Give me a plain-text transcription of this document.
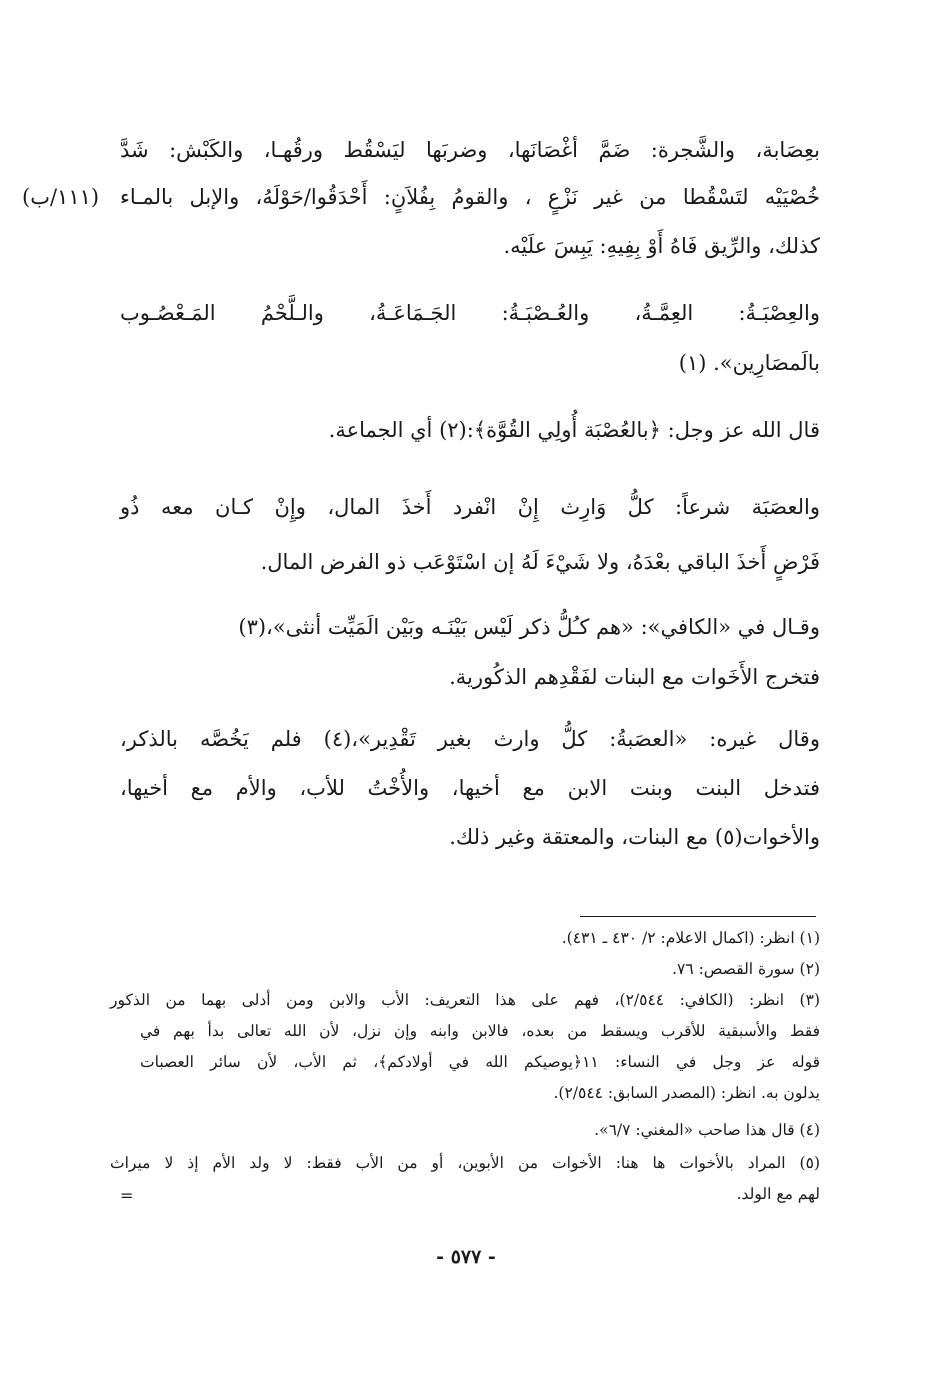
(١١١/ب)
بعِصَابة، والشَّجرة: ضَمَّ أغْصَانَها، وضربَها ليَسْقُط ورقُهـا، والكَبْش: شَدَّ
خُصْيَيْه لتَسْقُطا من غير نَزْعٍ ، والقومُ بِفُلاَنٍ: أَحْدَقُوا/حَوْلَهُ، والإبل بالمـاء
كذلك، والرِّيق فَاهُ أَوْ بِفِيهِ: يَبِسَ علَيْه.
والعِصْبَـةُ: العِمَّـةُ، والعُـصْبَـةُ: الجَـمَاعَـةُ، والـلَّحْمُ المَـعْصُـوب
بالَمصَارِين». (١)
قال الله عز وجل: ﴿بالعُصْبَة أُولِي القُوَّة﴾:(٢) أي الجماعة.
والعصَبَة شرعاً: كلُّ وَارِث إِنْ انْفرد أَخذَ المال، وإِنْ كـان معه ذُو
فَرْضٍ أَخذَ الباقي بعْدَهُ، ولا شَيْءَ لَهُ إن اسْتَوْعَب ذو الفرض المال.
وقـال في «الكافي»: «هم كـُلُّ ذكر لَيْس بَيْنَـه وبَيْن الَمَيِّت أنثى»،(٣)
فتخرج الأَخَوات مع البنات لفَقْدِهم الذكُورية.
وقال غيره: «العصَبةُ: كلُّ وارث بغير تَقْدِير»،(٤) فلم يَخُصَّه بالذكر،
فتدخل البنت وبنت الابن مع أخيها، والأُخْتُ للأب، والأم مع أخيها،
والأخوات(٥) مع البنات، والمعتقة وغير ذلك.
(١) انظر: (اكمال الاعلام: ٢/ ٤٣٠ ـ ٤٣١).
(٢) سورة القصص: ٧٦.
(٣) انظر: (الكافي: ٢/٥٤٤)، فهم على هذا التعريف: الأب والابن ومن أدلى بهما من الذكور
فقط والأسبقية للأقرب ويسقط من بعده، فالابن وابنه وإن نزل، لأن الله تعالى بدأ بهم في
قوله عز وجل في النساء: ١١﴿يوصيكم الله في أولادكم﴾، ثم الأب، لأن سائر العصبات
يدلون به. انظر: (المصدر السابق: ٢/٥٤٤).
(٤) قال هذا صاحب «المغني: ٦/٧».
(٥) المراد بالأخوات ها هنا: الأخوات من الأبوين، أو من الأب فقط: لا ولد الأم إذ لا ميراث
لهم مع الولد.
=
- ٥٧٧ -
